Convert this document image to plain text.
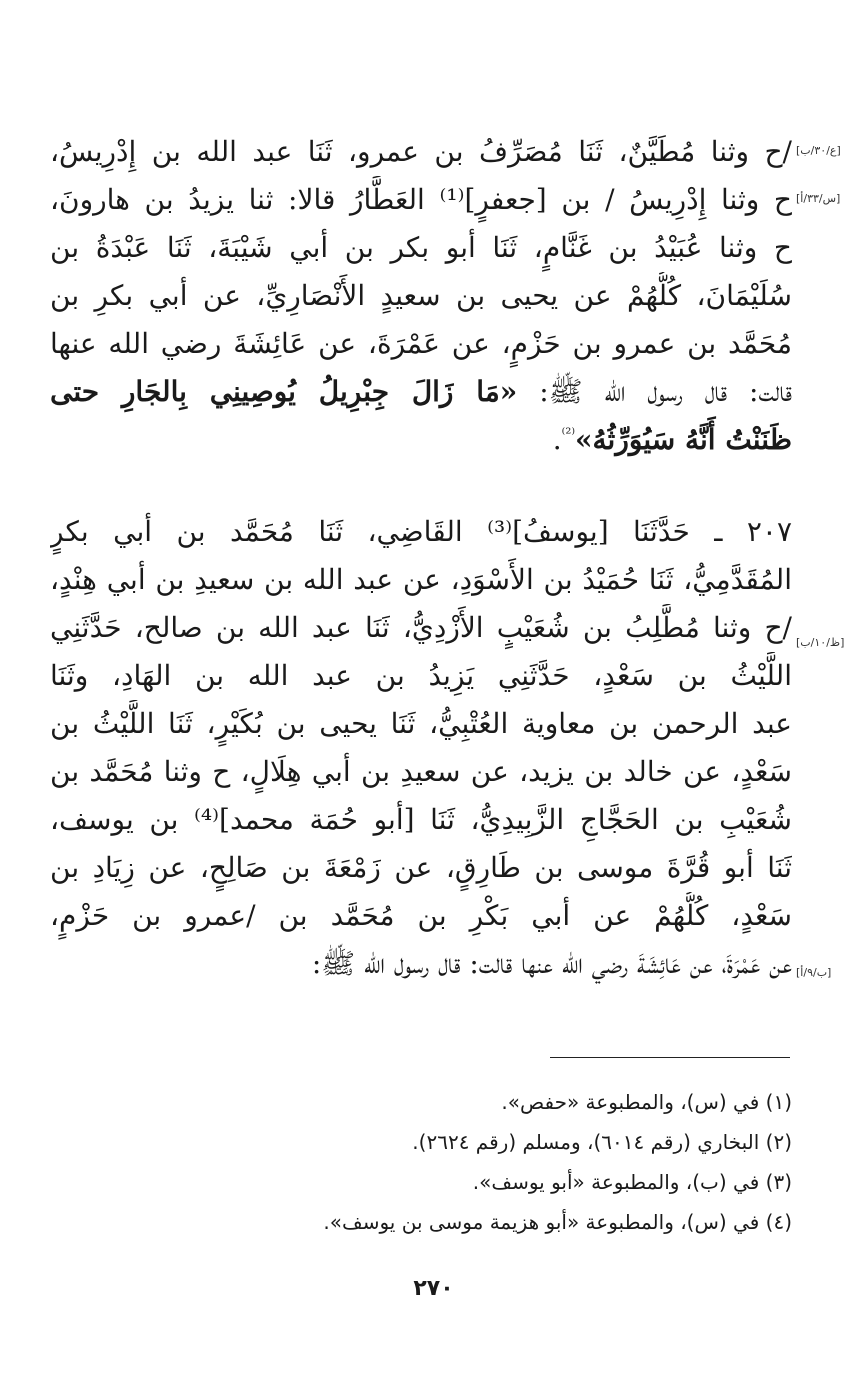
[ع/٣٠/ب]
[س/٣٣/أ]
[ظ/١٠/ب]
[ب/٩/أ]
/ح وثنا مُطَيَّنٌ، ثَنَا مُصَرِّفُ بن عمرو، ثَنَا عبد الله بن إِدْرِيسُ،
ح وثنا إِدْرِيسُ / بن [جعفرٍ]⁽¹⁾ العَطَّارُ قالا: ثنا يزيدُ بن هارونَ،
ح وثنا عُبَيْدُ بن غَنَّامٍ، ثَنَا أبو بكر بن أبي شَيْبَةَ، ثَنَا عَبْدَةُ بن
سُلَيْمَانَ، كُلُّهُمْ عن يحيى بن سعيدٍ الأَنْصَارِيِّ، عن أبي بكرِ بن
مُحَمَّد بن عمرو بن حَزْمٍ، عن عَمْرَةَ، عن عَائِشَةَ رضي الله عنها
قالت: قال رسول الله ﷺ: «مَا زَالَ جِبْرِيلُ يُوصِينِي بِالجَارِ حتى
ظَنَنْتُ أَنَّهُ سَيُوَرِّثُهُ»$^{^{(2)}}$.
٢٠٧ ـ حَدَّثَنَا [يوسفُ]⁽³⁾ القَاضِي، ثَنَا مُحَمَّد بن أبي بكرٍ
المُقَدَّمِيُّ، ثَنَا حُمَيْدُ بن الأَسْوَدِ، عن عبد الله بن سعيدِ بن أبي هِنْدٍ،
/ح وثنا مُطَّلِبُ بن شُعَيْبٍ الأَزْدِيُّ، ثَنَا عبد الله بن صالح، حَدَّثَنِي
اللَّيْثُ بن سَعْدٍ، حَدَّثَنِي يَزِيدُ بن عبد الله بن الهَادِ، وثَنَا
عبد الرحمن بن معاوية العُتْبِيُّ، ثَنَا يحيى بن بُكَيْرٍ، ثَنَا اللَّيْثُ بن
سَعْدٍ، عن خالد بن يزيد، عن سعيدِ بن أبي هِلَالٍ، ح وثنا مُحَمَّد بن
شُعَيْبِ بن الحَجَّاجِ الزَّبِيدِيُّ، ثَنَا [أبو حُمَة محمد]⁽⁴⁾ بن يوسف،
ثَنَا أبو قُرَّةَ موسى بن طَارِقٍ، عن زَمْعَةَ بن صَالِحٍ، عن زِيَادِ بن
سَعْدٍ، كُلُّهُمْ عن أبي بَكْرِ بن مُحَمَّد بن /عمرو بن حَزْمٍ،
عن عَمْرَةَ، عن عَائِشَةَ رضي الله عنها قالت: قال رسول الله ﷺ:
(١) في (س)، والمطبوعة «حفص».
(٢) البخاري (رقم ٦٠١٤)، ومسلم (رقم ٢٦٢٤).
(٣) في (ب)، والمطبوعة «أبو يوسف».
(٤) في (س)، والمطبوعة «أبو هزيمة موسى بن يوسف».
٢٧٠
